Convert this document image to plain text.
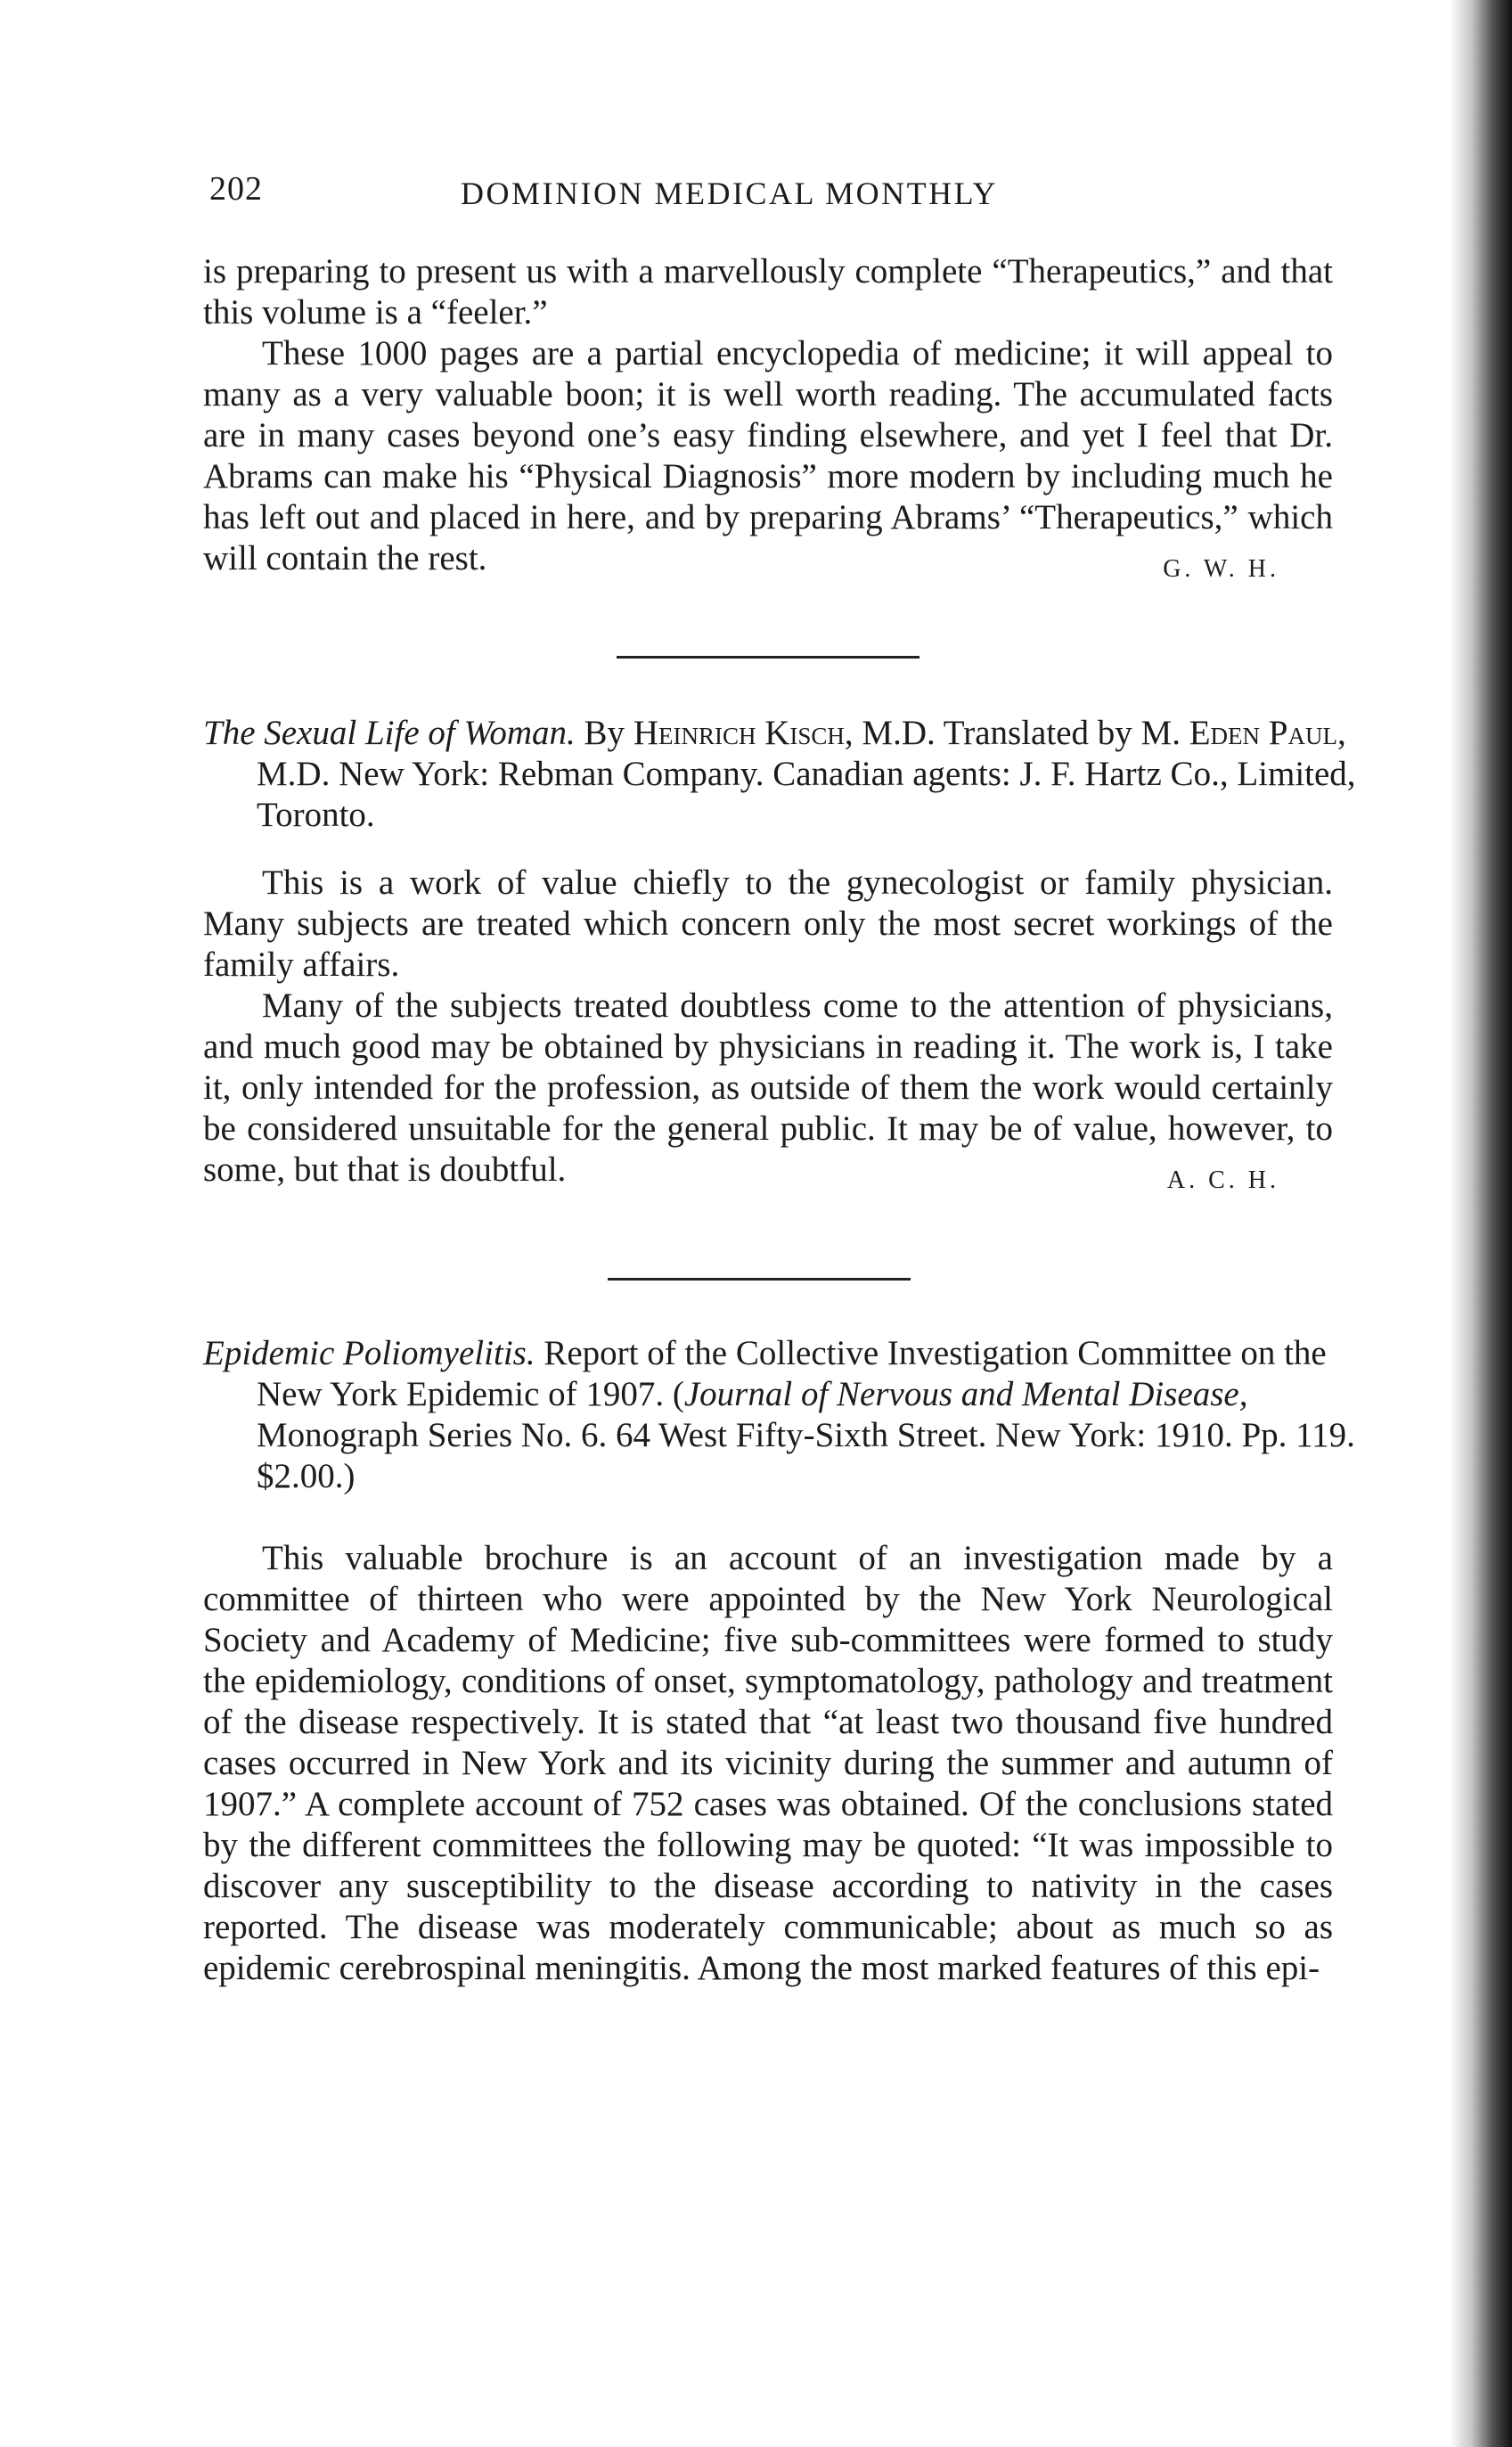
202	DOMINION MEDICAL MONTHLY

is preparing to present us with a marvellously complete “Therapeutics,” and that this volume is a “feeler.”

These 1000 pages are a partial encyclopedia of medicine; it will appeal to many as a very valuable boon; it is well worth reading. The accumulated facts are in many cases beyond one’s easy finding elsewhere, and yet I feel that Dr. Abrams can make his “Physical Diagnosis” more modern by including much he has left out and placed in here, and by preparing Abrams’ “Therapeutics,” which will contain the rest.	G. W. H.
The Sexual Life of Woman. By Heinrich Kisch, M.D. Translated by M. Eden Paul, M.D. New York: Rebman Company. Canadian agents: J. F. Hartz Co., Limited, Toronto.

This is a work of value chiefly to the gynecologist or family physician. Many subjects are treated which concern only the most secret workings of the family affairs.

Many of the subjects treated doubtless come to the attention of physicians, and much good may be obtained by physicians in reading it. The work is, I take it, only intended for the profession, as outside of them the work would certainly be considered unsuitable for the general public. It may be of value, however, to some, but that is doubtful.	A. C. H.
Epidemic Poliomyelitis. Report of the Collective Investigation Committee on the New York Epidemic of 1907. (Journal of Nervous and Mental Disease, Monograph Series No. 6. 64 West Fifty-Sixth Street. New York: 1910. Pp. 119. $2.00.)

This valuable brochure is an account of an investigation made by a committee of thirteen who were appointed by the New York Neurological Society and Academy of Medicine; five sub-committees were formed to study the epidemiology, conditions of onset, symptomatology, pathology and treatment of the disease respectively. It is stated that “at least two thousand five hundred cases occurred in New York and its vicinity during the summer and autumn of 1907.” A complete account of 752 cases was obtained. Of the conclusions stated by the different committees the following may be quoted: “It was impossible to discover any susceptibility to the disease according to nativity in the cases reported. The disease was moderately communicable; about as much so as epidemic cerebrospinal meningitis. Among the most marked features of this epi-
